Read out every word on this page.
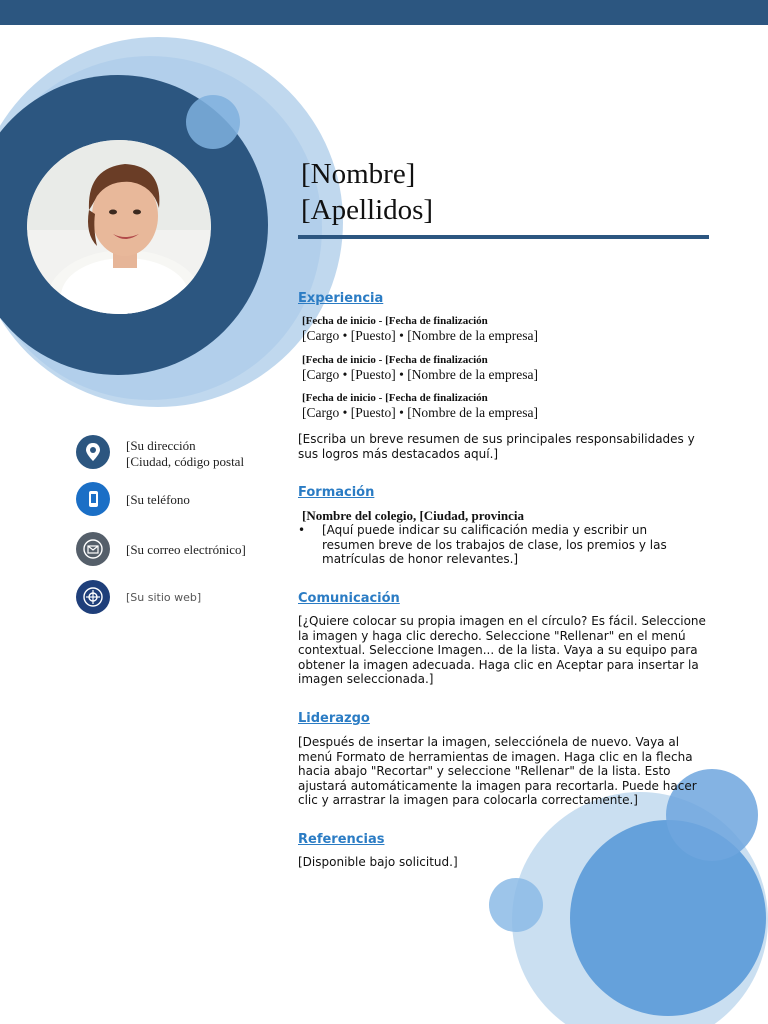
[Su dirección
[Ciudad, código postal
[Su teléfono
[Su correo electrónico]
[Su sitio web]
[Nombre]
[Apellidos]
Experiencia
[Fecha de inicio - [Fecha de finalización
[Cargo • [Puesto] • [Nombre de la empresa]
[Fecha de inicio - [Fecha de finalización
[Cargo • [Puesto] • [Nombre de la empresa]
[Fecha de inicio - [Fecha de finalización
[Cargo • [Puesto] • [Nombre de la empresa]
[Escriba un breve resumen de sus principales responsabilidades y sus logros más destacados aquí.]
Formación
[Nombre del colegio, [Ciudad, provincia
• [Aquí puede indicar su calificación media y escribir un resumen breve de los trabajos de clase, los premios y las matrículas de honor relevantes.]
Comunicación
[¿Quiere colocar su propia imagen en el círculo? Es fácil. Seleccione la imagen y haga clic derecho. Seleccione "Rellenar" en el menú contextual. Seleccione Imagen... de la lista. Vaya a su equipo para obtener la imagen adecuada. Haga clic en Aceptar para insertar la imagen seleccionada.]
Liderazgo
[Después de insertar la imagen, selecciónela de nuevo. Vaya al menú Formato de herramientas de imagen. Haga clic en la flecha hacia abajo "Recortar" y seleccione "Rellenar" de la lista. Esto ajustará automáticamente la imagen para recortarla. Puede hacer clic y arrastrar la imagen para colocarla correctamente.]
Referencias
[Disponible bajo solicitud.]
